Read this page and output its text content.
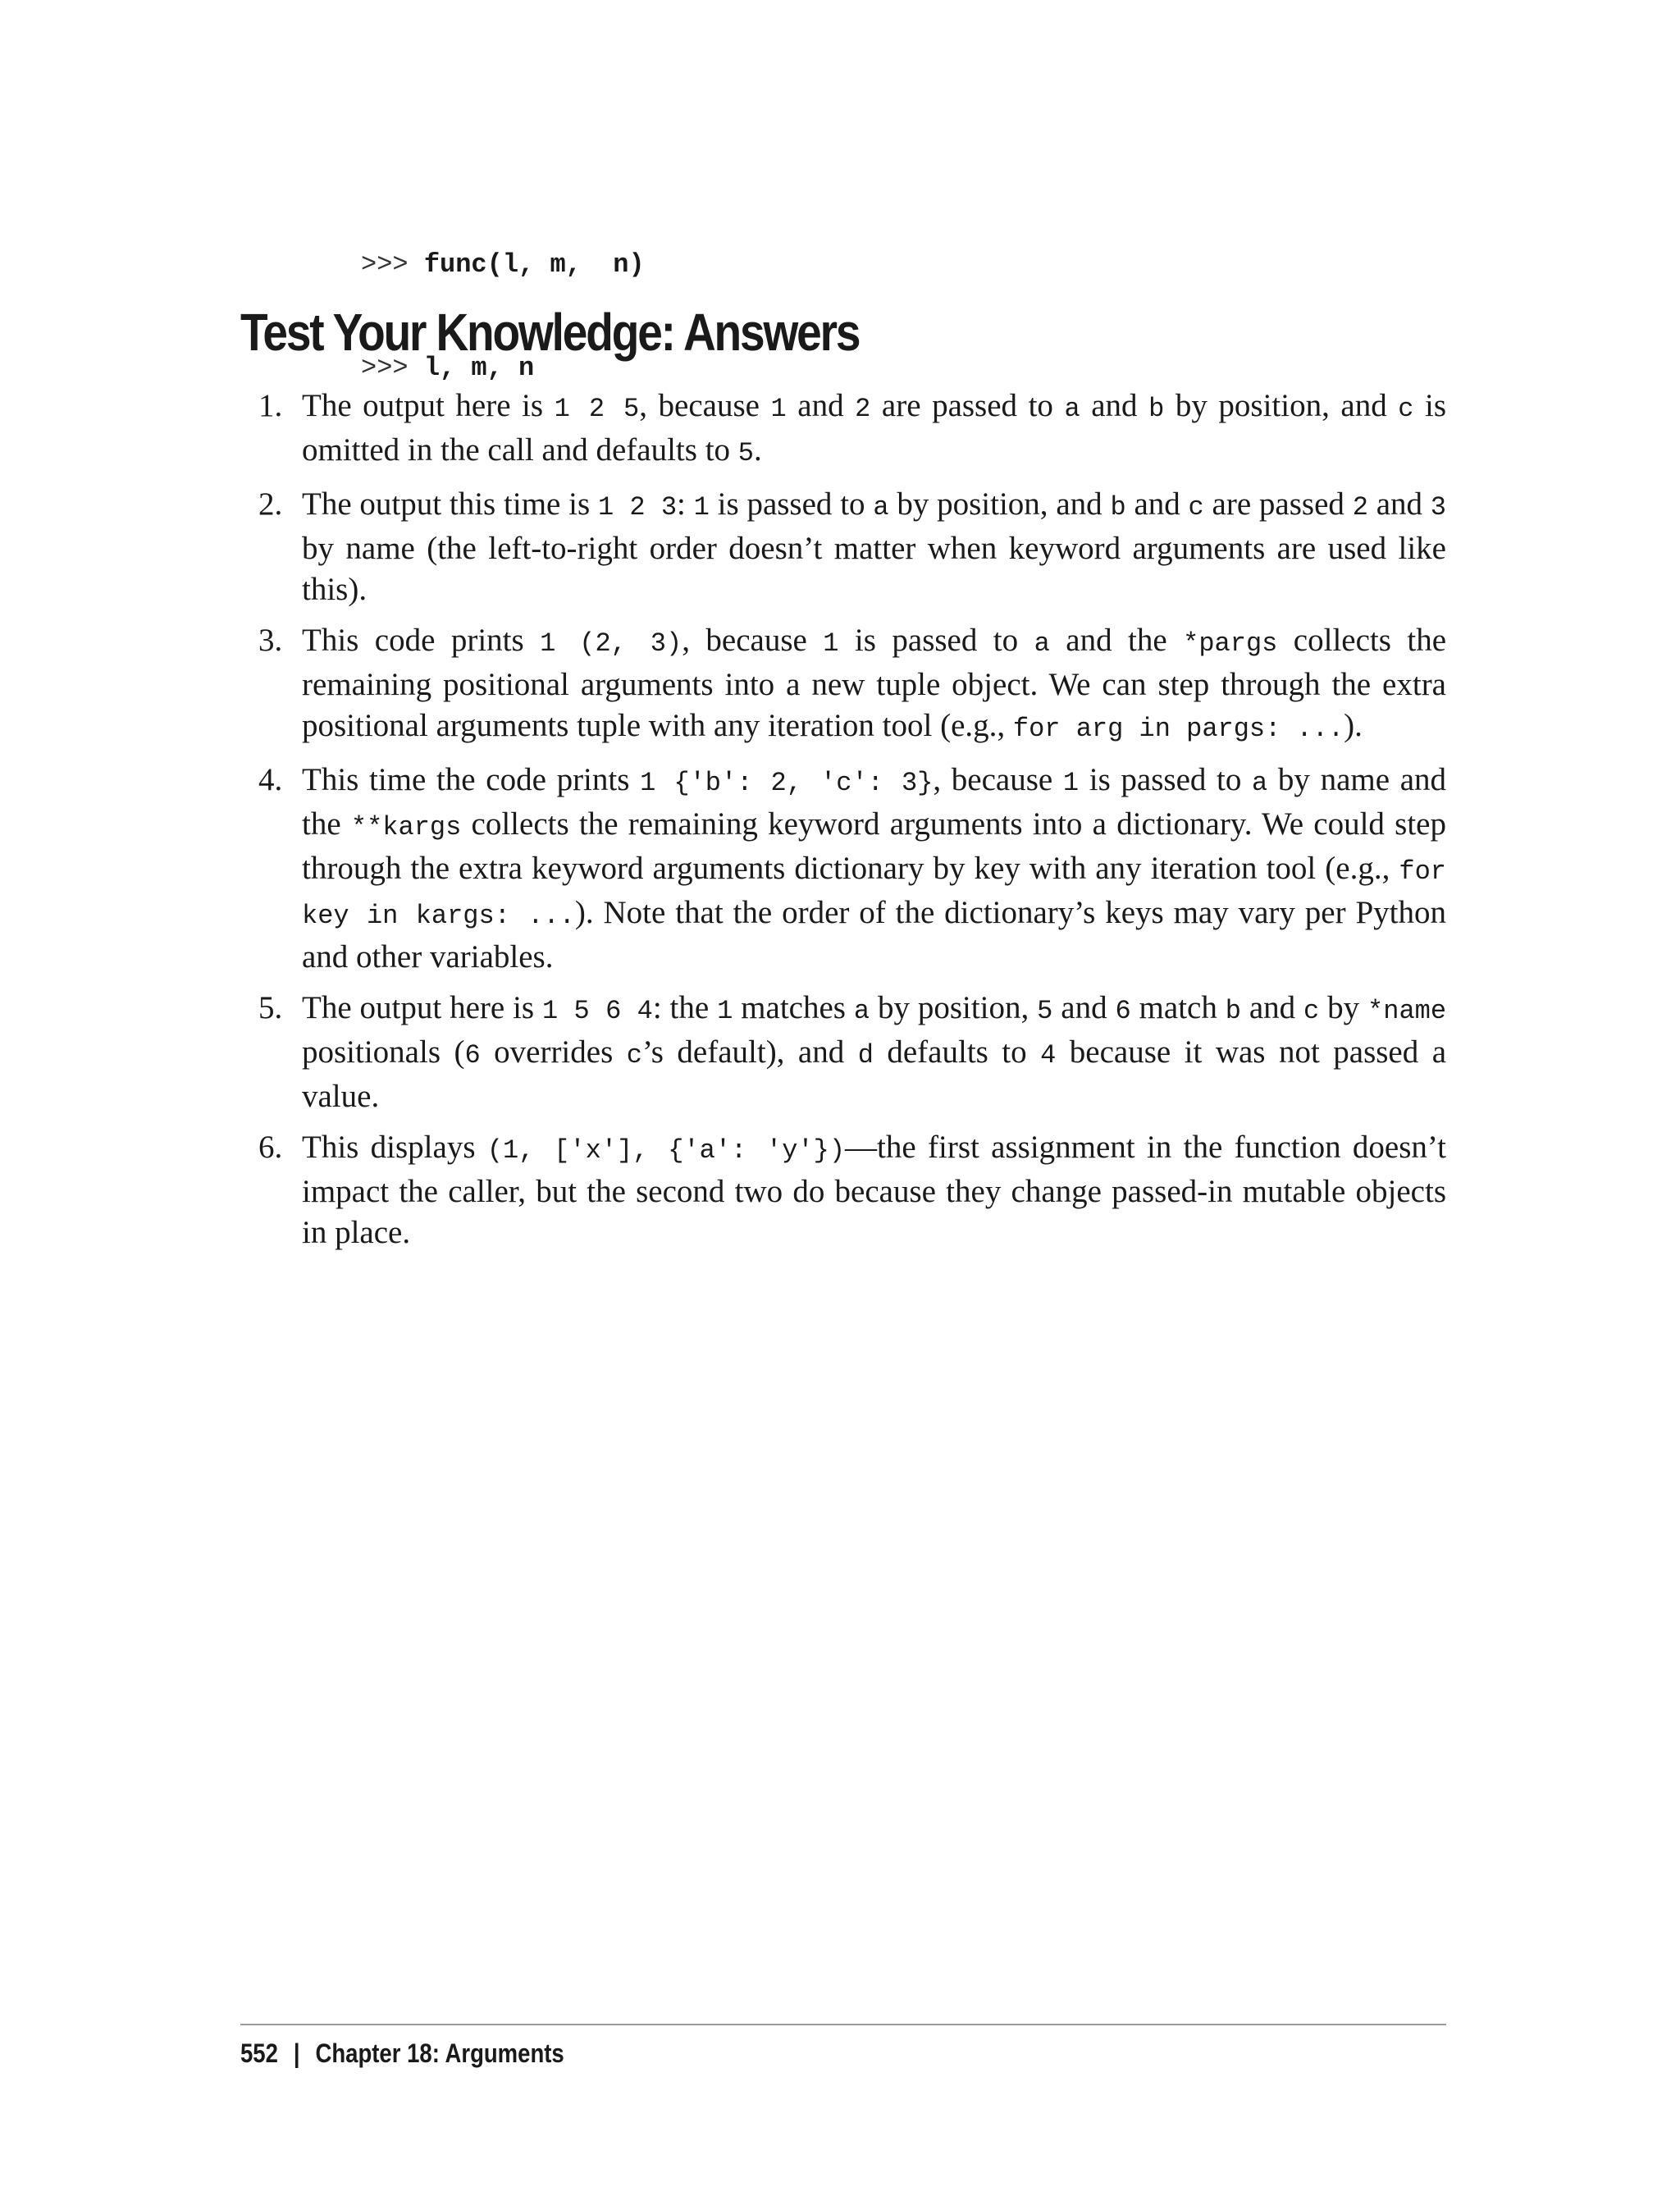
>>> func(l, m,  n)

>>> l, m, n

Test Your Knowledge: Answers
1. The output here is 1 2 5, because 1 and 2 are passed to a and b by position, and c is omitted in the call and defaults to 5.
2. The output this time is 1 2 3: 1 is passed to a by position, and b and c are passed 2 and 3 by name (the left-to-right order doesn’t matter when keyword arguments are used like this).
3. This code prints 1 (2, 3), because 1 is passed to a and the *pargs collects the remaining positional arguments into a new tuple object. We can step through the extra positional arguments tuple with any iteration tool (e.g., for arg in pargs: ...).
4. This time the code prints 1 {'b': 2, 'c': 3}, because 1 is passed to a by name and the **kargs collects the remaining keyword arguments into a dictionary. We could step through the extra keyword arguments dictionary by key with any iteration tool (e.g., for key in kargs: ...). Note that the order of the dictionary’s keys may vary per Python and other variables.
5. The output here is 1 5 6 4: the 1 matches a by position, 5 and 6 match b and c by *name positionals (6 overrides c’s default), and d defaults to 4 because it was not passed a value.
6. This displays (1, ['x'], {'a': 'y'})—the first assignment in the function doesn’t impact the caller, but the second two do because they change passed-in mutable objects in place.
552 | Chapter 18: Arguments
